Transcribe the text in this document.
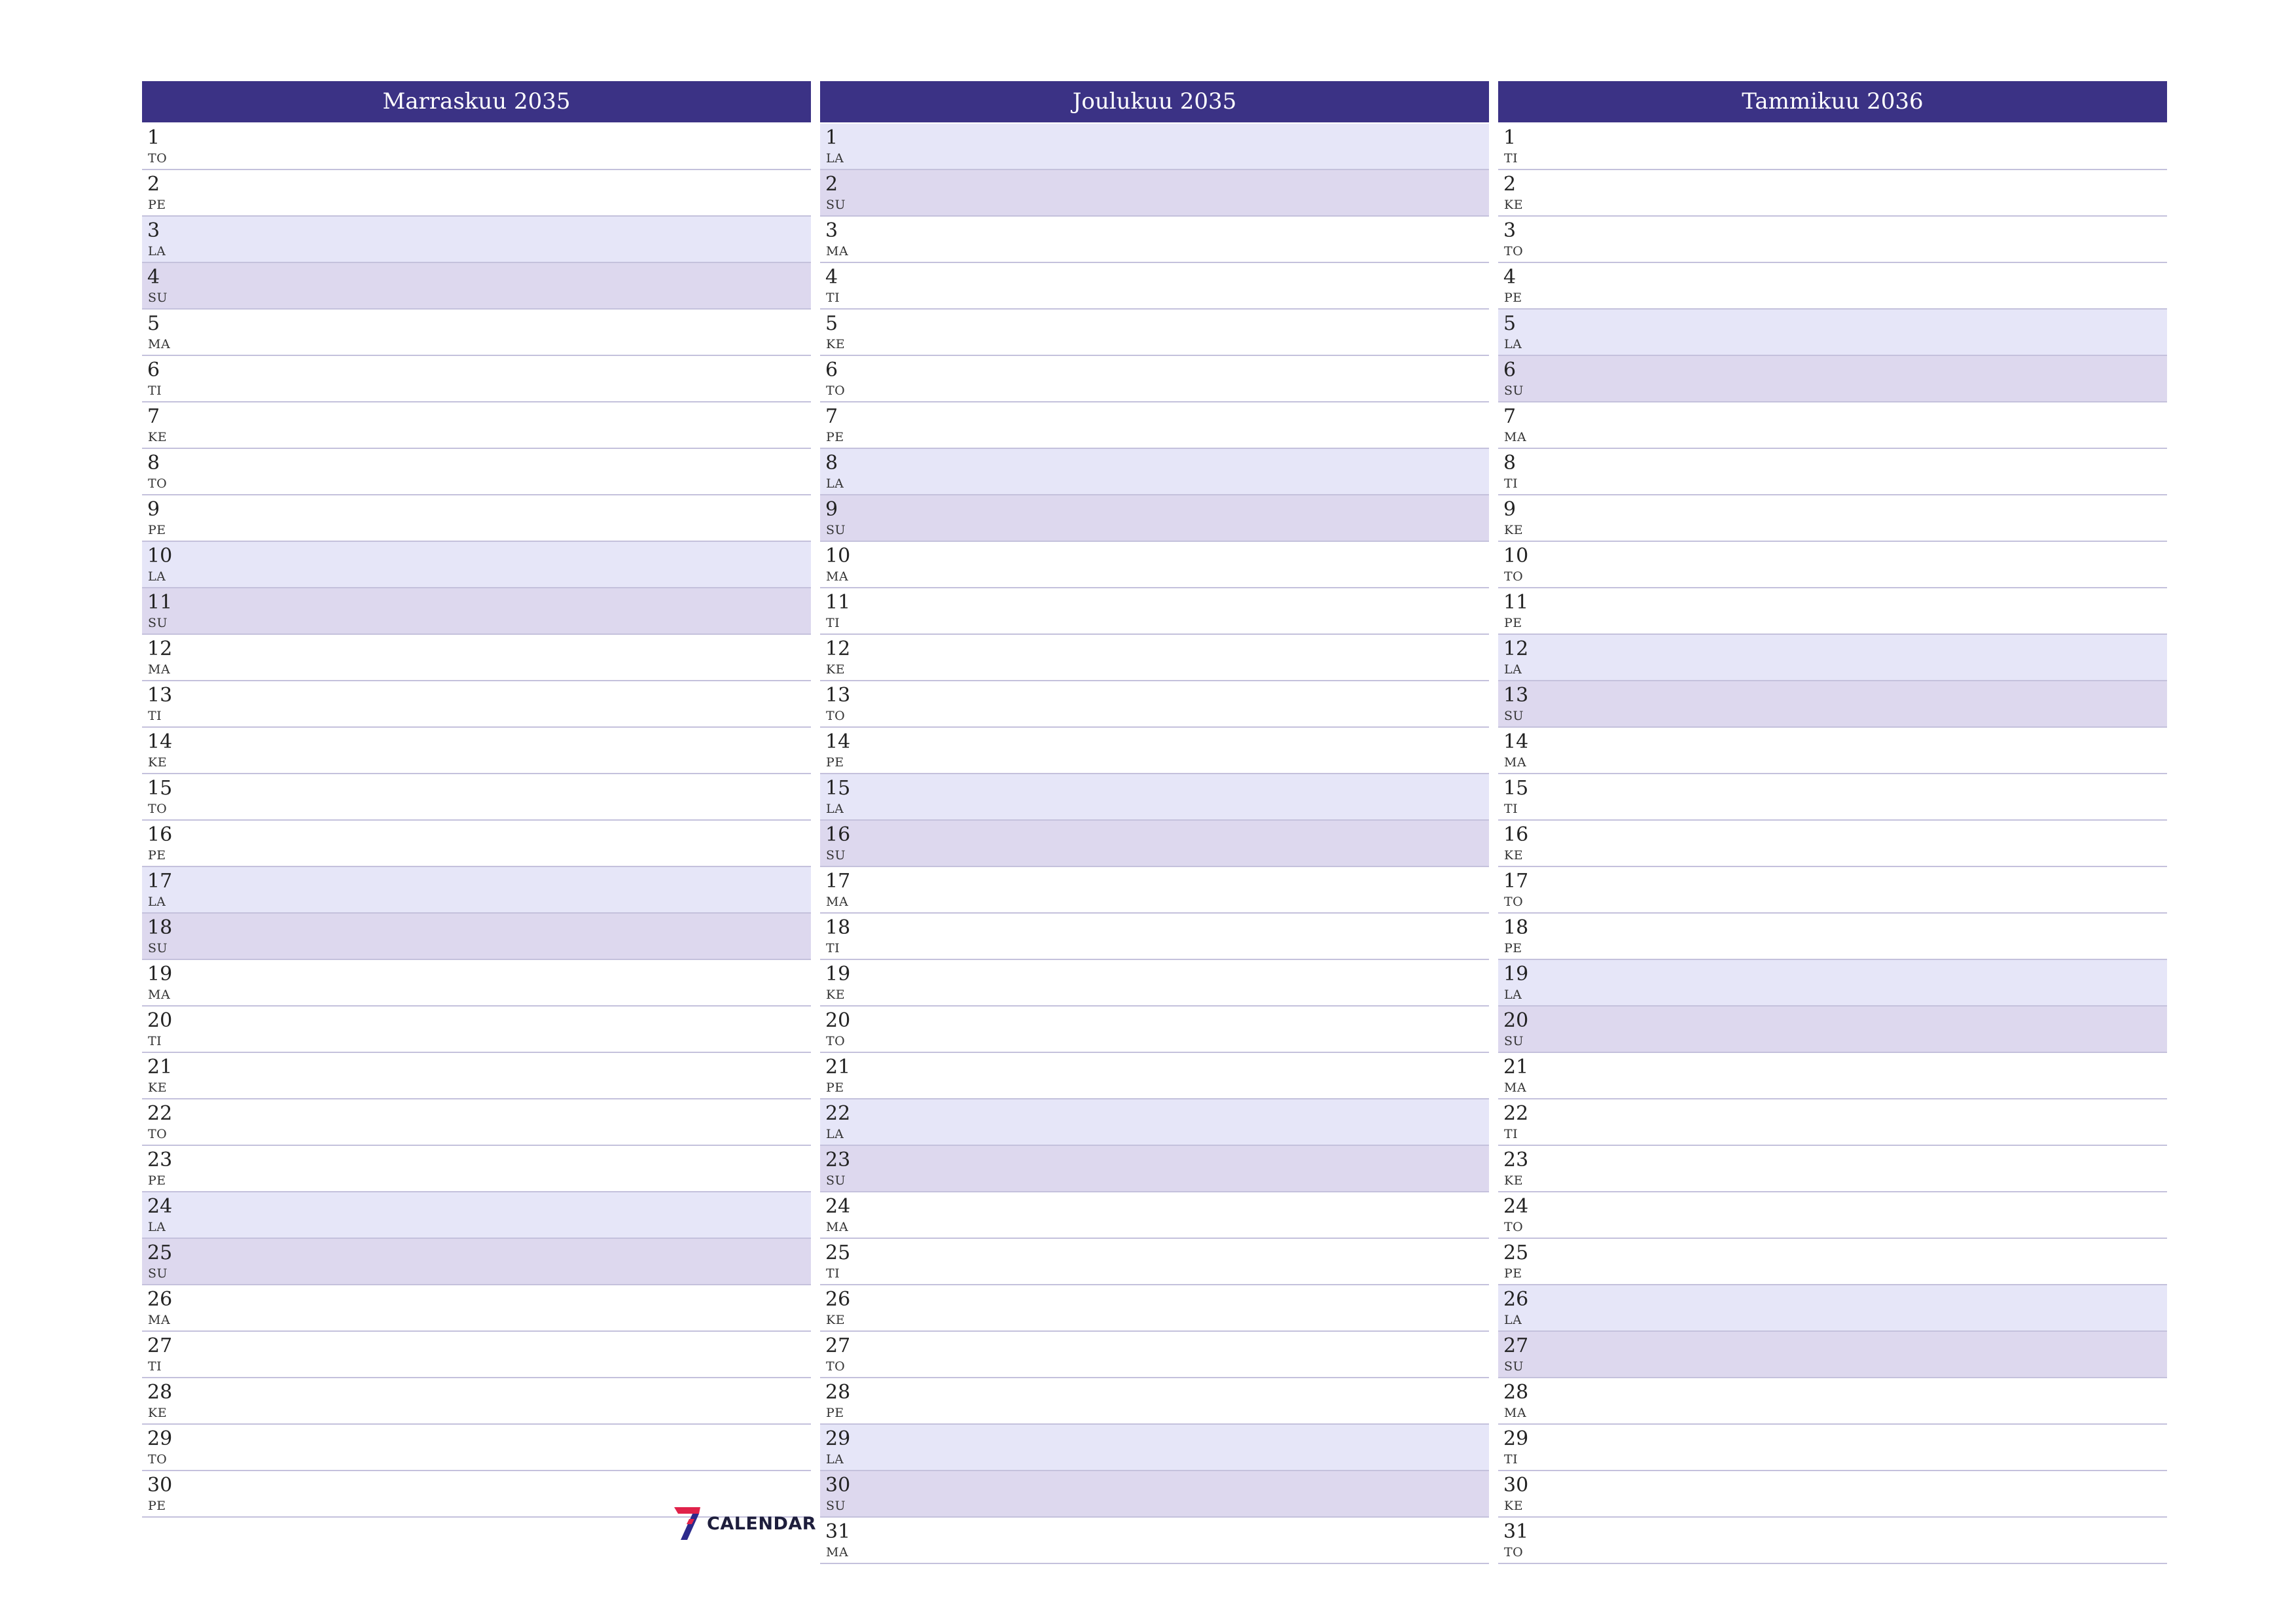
Marraskuu 2035
1
TO
2
PE
3
LA
4
SU
5
MA
6
TI
7
KE
8
TO
9
PE
10
LA
11
SU
12
MA
13
TI
14
KE
15
TO
16
PE
17
LA
18
SU
19
MA
20
TI
21
KE
22
TO
23
PE
24
LA
25
SU
26
MA
27
TI
28
KE
29
TO
30
PE
Joulukuu 2035
1
LA
2
SU
3
MA
4
TI
5
KE
6
TO
7
PE
8
LA
9
SU
10
MA
11
TI
12
KE
13
TO
14
PE
15
LA
16
SU
17
MA
18
TI
19
KE
20
TO
21
PE
22
LA
23
SU
24
MA
25
TI
26
KE
27
TO
28
PE
29
LA
30
SU
31
MA
Tammikuu 2036
1
TI
2
KE
3
TO
4
PE
5
LA
6
SU
7
MA
8
TI
9
KE
10
TO
11
PE
12
LA
13
SU
14
MA
15
TI
16
KE
17
TO
18
PE
19
LA
20
SU
21
MA
22
TI
23
KE
24
TO
25
PE
26
LA
27
SU
28
MA
29
TI
30
KE
31
TO
CALENDAR
